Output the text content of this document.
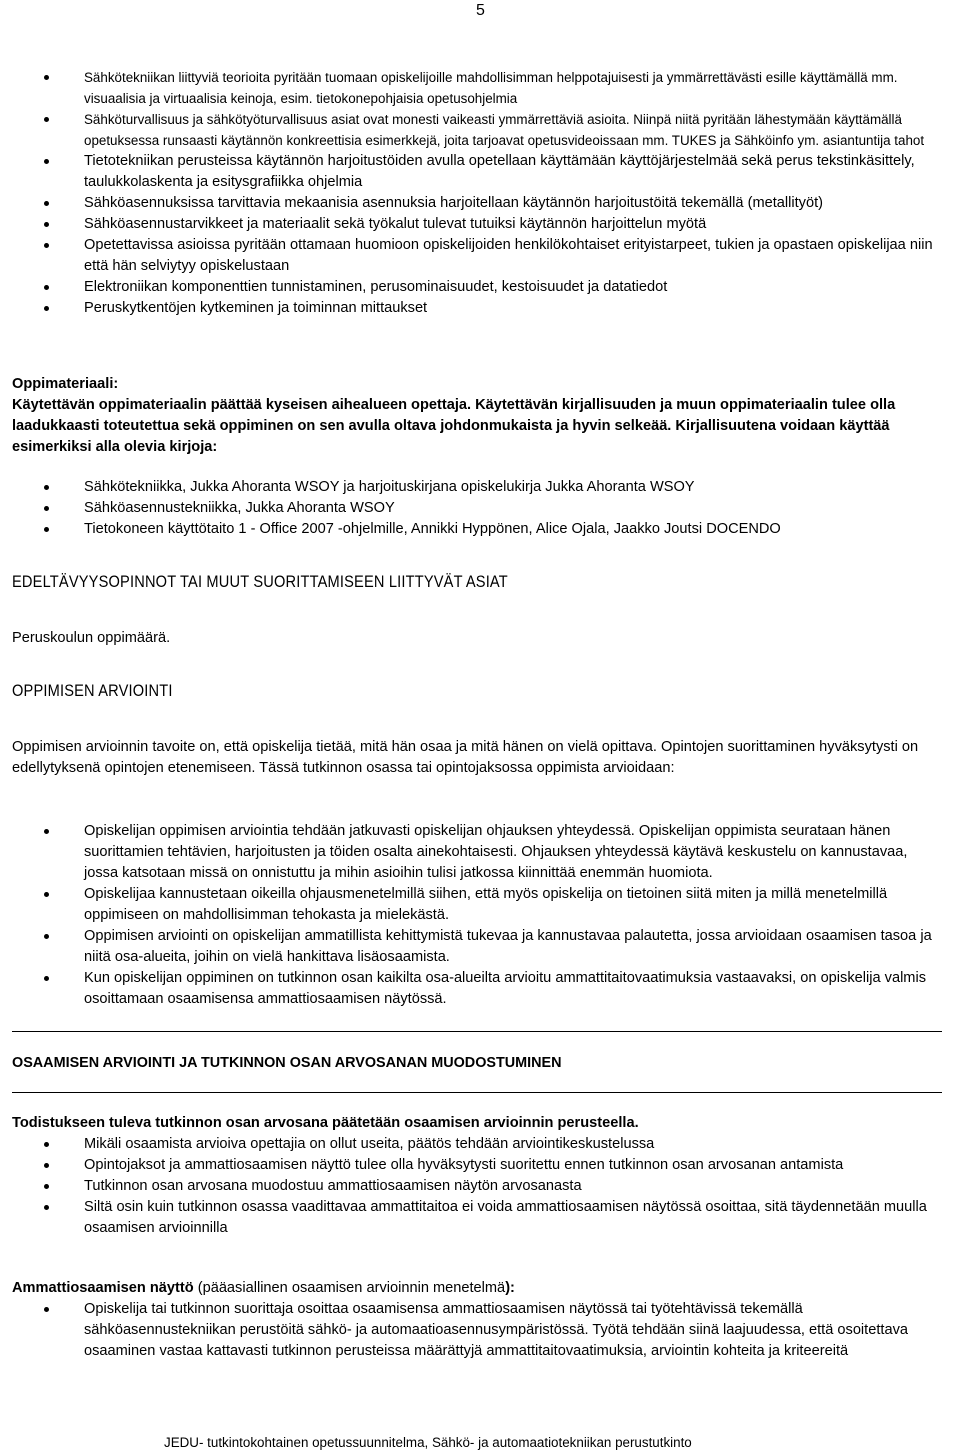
5
Sähkötekniikan liittyviä teorioita pyritään tuomaan opiskelijoille mahdollisimman helppotajuisesti ja ymmärrettävästi esille käyttämällä mm. visuaalisia ja virtuaalisia keinoja, esim. tietokonepohjaisia opetusohjelmia
Sähköturvallisuus ja sähkötyöturvallisuus asiat ovat monesti vaikeasti ymmärrettäviä asioita. Niinpä niitä pyritään lähestymään käyttämällä opetuksessa runsaasti käytännön konkreettisia esimerkkejä, joita tarjoavat opetusvideoissaan mm. TUKES ja Sähköinfo ym. asiantuntija tahot
Tietotekniikan perusteissa käytännön harjoitustöiden avulla opetellaan käyttämään käyttöjärjestelmää sekä perus tekstinkäsittely, taulukkolaskenta ja esitysgrafiikka ohjelmia
Sähköasennuksissa tarvittavia mekaanisia asennuksia harjoitellaan käytännön harjoitustöitä tekemällä (metallityöt)
Sähköasennustarvikkeet ja materiaalit sekä työkalut tulevat tutuiksi käytännön harjoittelun myötä
Opetettavissa asioissa pyritään ottamaan huomioon opiskelijoiden henkilökohtaiset erityistarpeet, tukien ja opastaen opiskelijaa niin että hän selviytyy opiskelustaan
Elektroniikan komponenttien tunnistaminen, perusominaisuudet, kestoisuudet ja datatiedot
Peruskytkentöjen kytkeminen ja toiminnan mittaukset
Oppimateriaali:
Käytettävän oppimateriaalin päättää kyseisen aihealueen opettaja. Käytettävän kirjallisuuden ja muun oppimateriaalin tulee olla laadukkaasti toteutettua sekä oppiminen on sen avulla oltava johdonmukaista ja hyvin selkeää. Kirjallisuutena voidaan käyttää esimerkiksi alla olevia kirjoja:
Sähkötekniikka, Jukka Ahoranta WSOY ja harjoituskirjana opiskelukirja Jukka Ahoranta WSOY
Sähköasennustekniikka, Jukka Ahoranta WSOY
Tietokoneen käyttötaito 1 - Office 2007 -ohjelmille, Annikki Hyppönen, Alice Ojala, Jaakko Joutsi DOCENDO
EDELTÄVYYSOPINNOT TAI MUUT SUORITTAMISEEN LIITTYVÄT ASIAT
Peruskoulun oppimäärä.
OPPIMISEN ARVIOINTI
Oppimisen arvioinnin tavoite on, että opiskelija tietää, mitä hän osaa ja mitä hänen on vielä opittava. Opintojen suorittaminen hyväksytysti on edellytyksenä opintojen etenemiseen. Tässä tutkinnon osassa tai opintojaksossa oppimista arvioidaan:
Opiskelijan oppimisen arviointia tehdään jatkuvasti opiskelijan ohjauksen yhteydessä. Opiskelijan oppimista seurataan hänen suorittamien tehtävien, harjoitusten ja töiden osalta ainekohtaisesti. Ohjauksen yhteydessä käytävä keskustelu on kannustavaa, jossa katsotaan missä on onnistuttu ja mihin asioihin tulisi jatkossa kiinnittää enemmän huomiota.
Opiskelijaa kannustetaan oikeilla ohjausmenetelmillä siihen, että myös opiskelija on tietoinen siitä miten ja millä menetelmillä oppimiseen on mahdollisimman tehokasta ja mielekästä.
Oppimisen arviointi on opiskelijan ammatillista kehittymistä tukevaa ja kannustavaa palautetta, jossa arvioidaan osaamisen tasoa ja niitä osa-alueita, joihin on vielä hankittava lisäosaamista.
Kun opiskelijan oppiminen on tutkinnon osan kaikilta osa-alueilta arvioitu ammattitaitovaatimuksia vastaavaksi, on opiskelija valmis osoittamaan osaamisensa ammattiosaamisen näytössä.
OSAAMISEN ARVIOINTI JA TUTKINNON OSAN ARVOSANAN MUODOSTUMINEN
Todistukseen tuleva tutkinnon osan arvosana päätetään osaamisen arvioinnin perusteella.
Mikäli osaamista arvioiva opettajia on ollut useita, päätös tehdään arviointikeskustelussa
Opintojaksot ja ammattiosaamisen näyttö tulee olla hyväksytysti suoritettu ennen tutkinnon osan arvosanan antamista
Tutkinnon osan arvosana muodostuu ammattiosaamisen näytön arvosanasta
Siltä osin kuin tutkinnon osassa vaadittavaa ammattitaitoa ei voida ammattiosaamisen näytössä osoittaa, sitä täydennetään muulla osaamisen arvioinnilla
Ammattiosaamisen näyttö (pääasiallinen osaamisen arvioinnin menetelmä):
Opiskelija tai tutkinnon suorittaja osoittaa osaamisensa ammattiosaamisen näytössä tai työtehtävissä tekemällä sähköasennustekniikan perustöitä sähkö- ja automaatioasennusympäristössä. Työtä tehdään siinä laajuudessa, että osoitettava osaaminen vastaa kattavasti tutkinnon perusteissa määrättyjä ammattitaitovaatimuksia, arviointin kohteita ja kriteereitä
JEDU- tutkintokohtainen opetussuunnitelma, Sähkö- ja automaatiotekniikan perustutkinto
